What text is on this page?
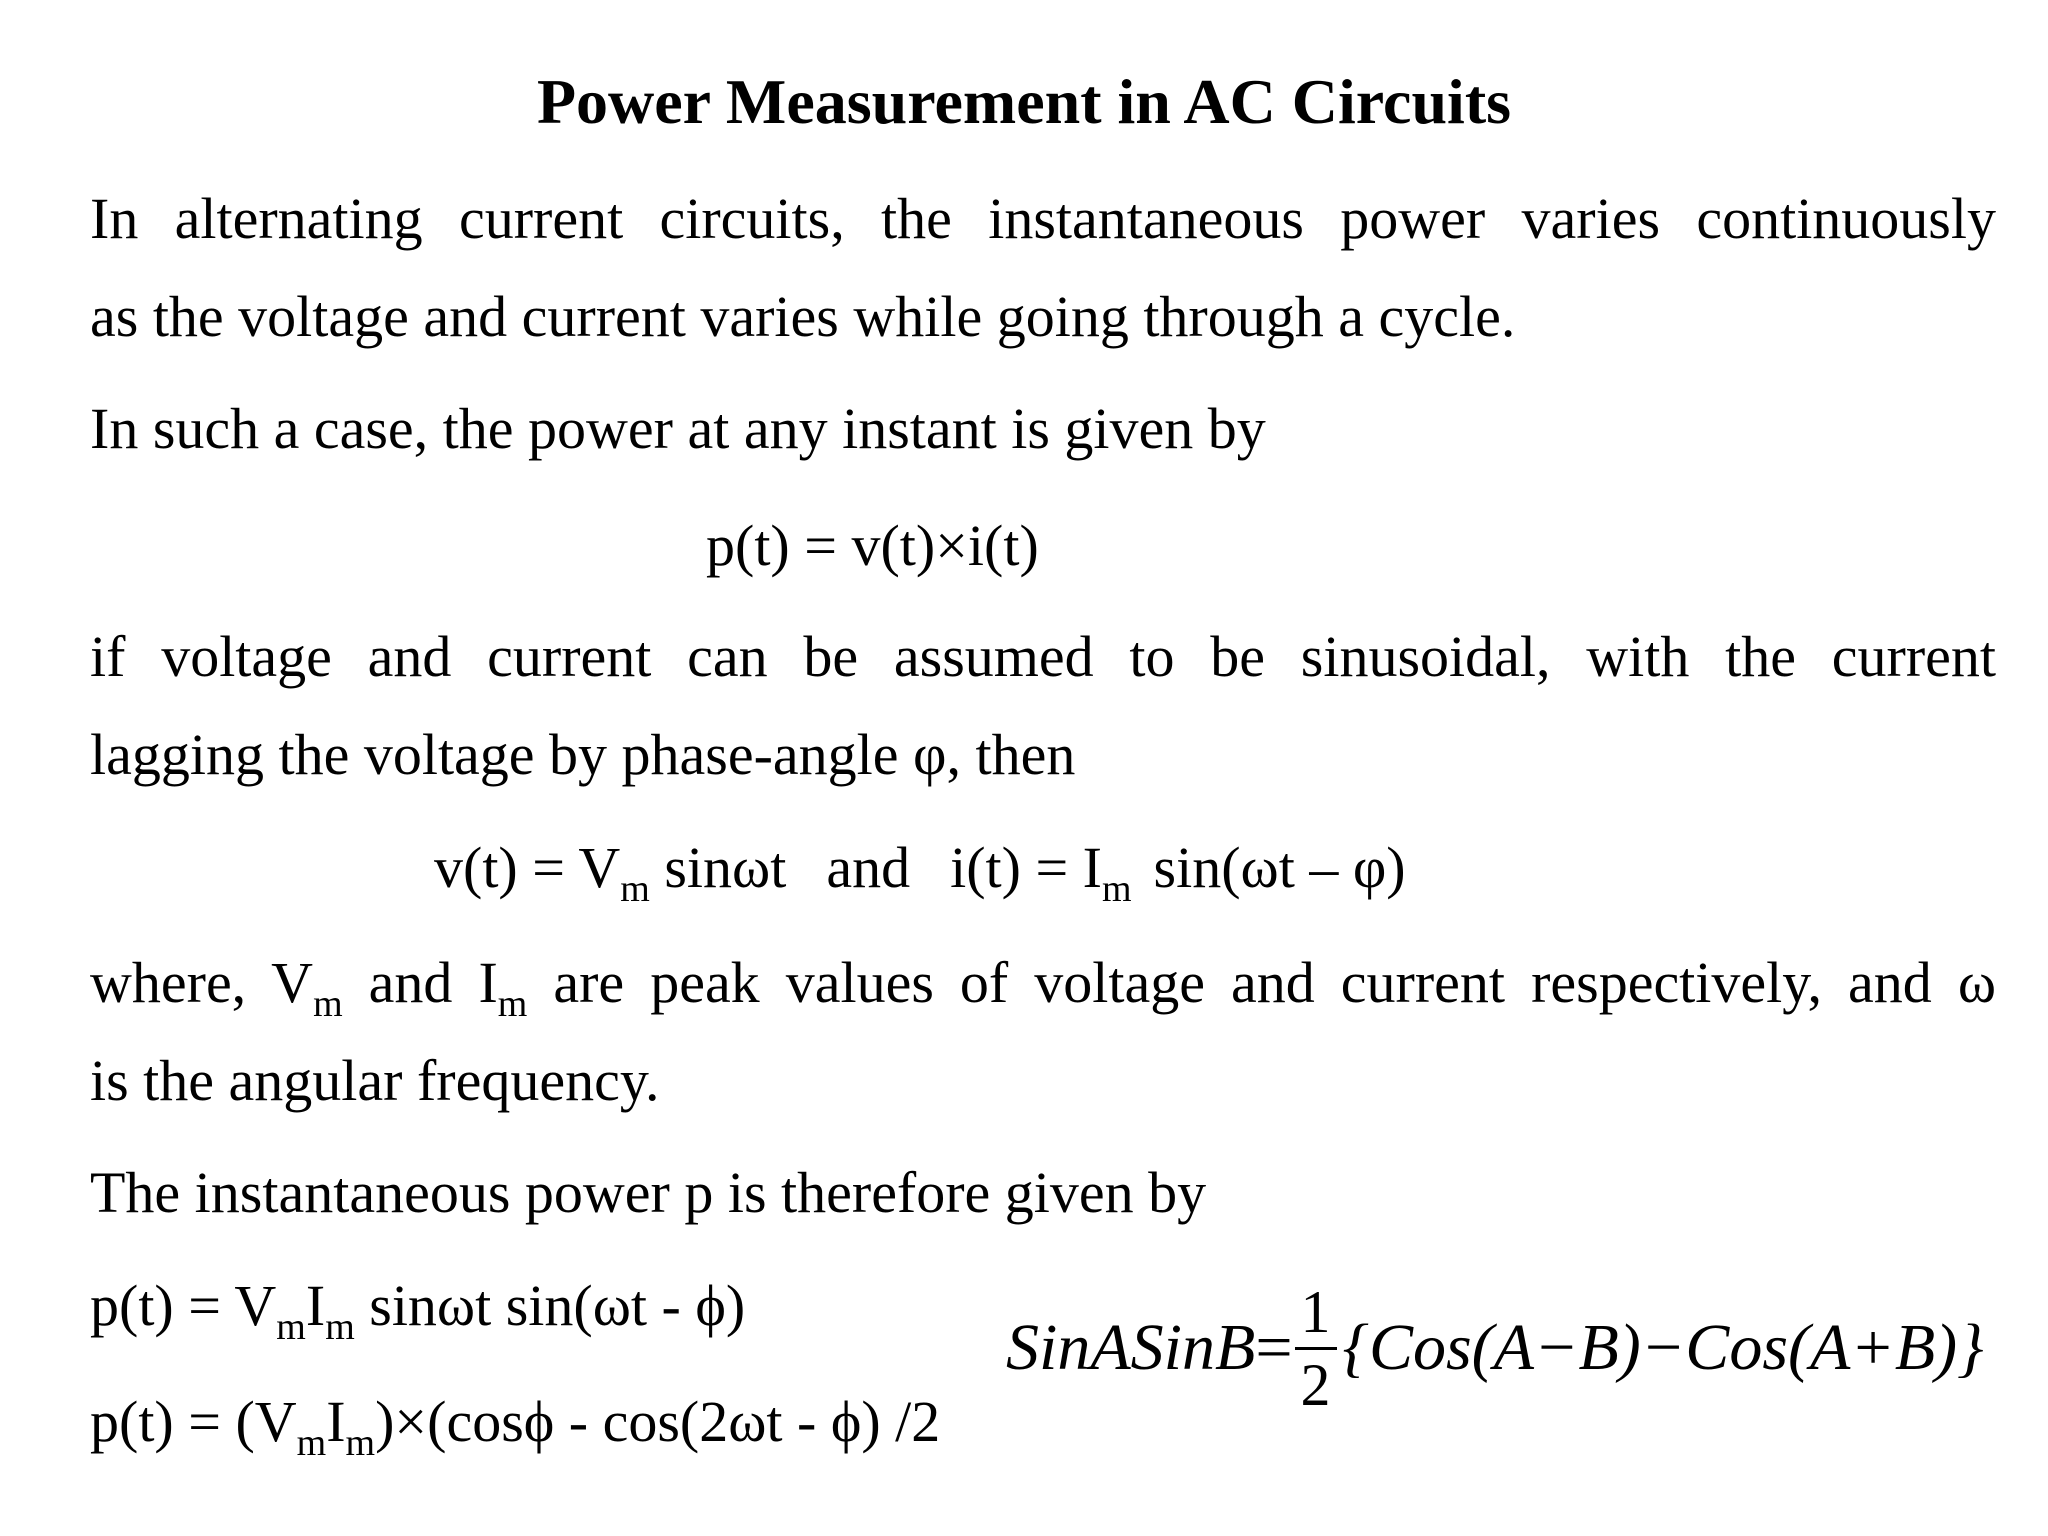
Power Measurement in AC Circuits
In alternating current circuits, the instantaneous power varies continuously
as the voltage and current varies while going through a cycle.
In such a case, the power at any instant is given by
p(t) = v(t)×i(t)
if voltage and current can be assumed to be sinusoidal, with the current
lagging the voltage by phase-angle φ, then
$v(t) = V_m$ sinωt and $i(t) = I_m$ sin(ωt – φ)
where, $V_m$ and $I_m$ are peak values of voltage and current respectively, and ω
is the angular frequency.
The instantaneous power p is therefore given by
$p(t) = V_mI_m$ sinωt sin(ωt - ϕ)
$p(t) = (V_mI_m)\times(\cos\phi - \cos(2\omega t - \phi)$ /2
SinASinB = $\frac{1}{2} \{Cos(A-B)-Cos(A+B)\}$
